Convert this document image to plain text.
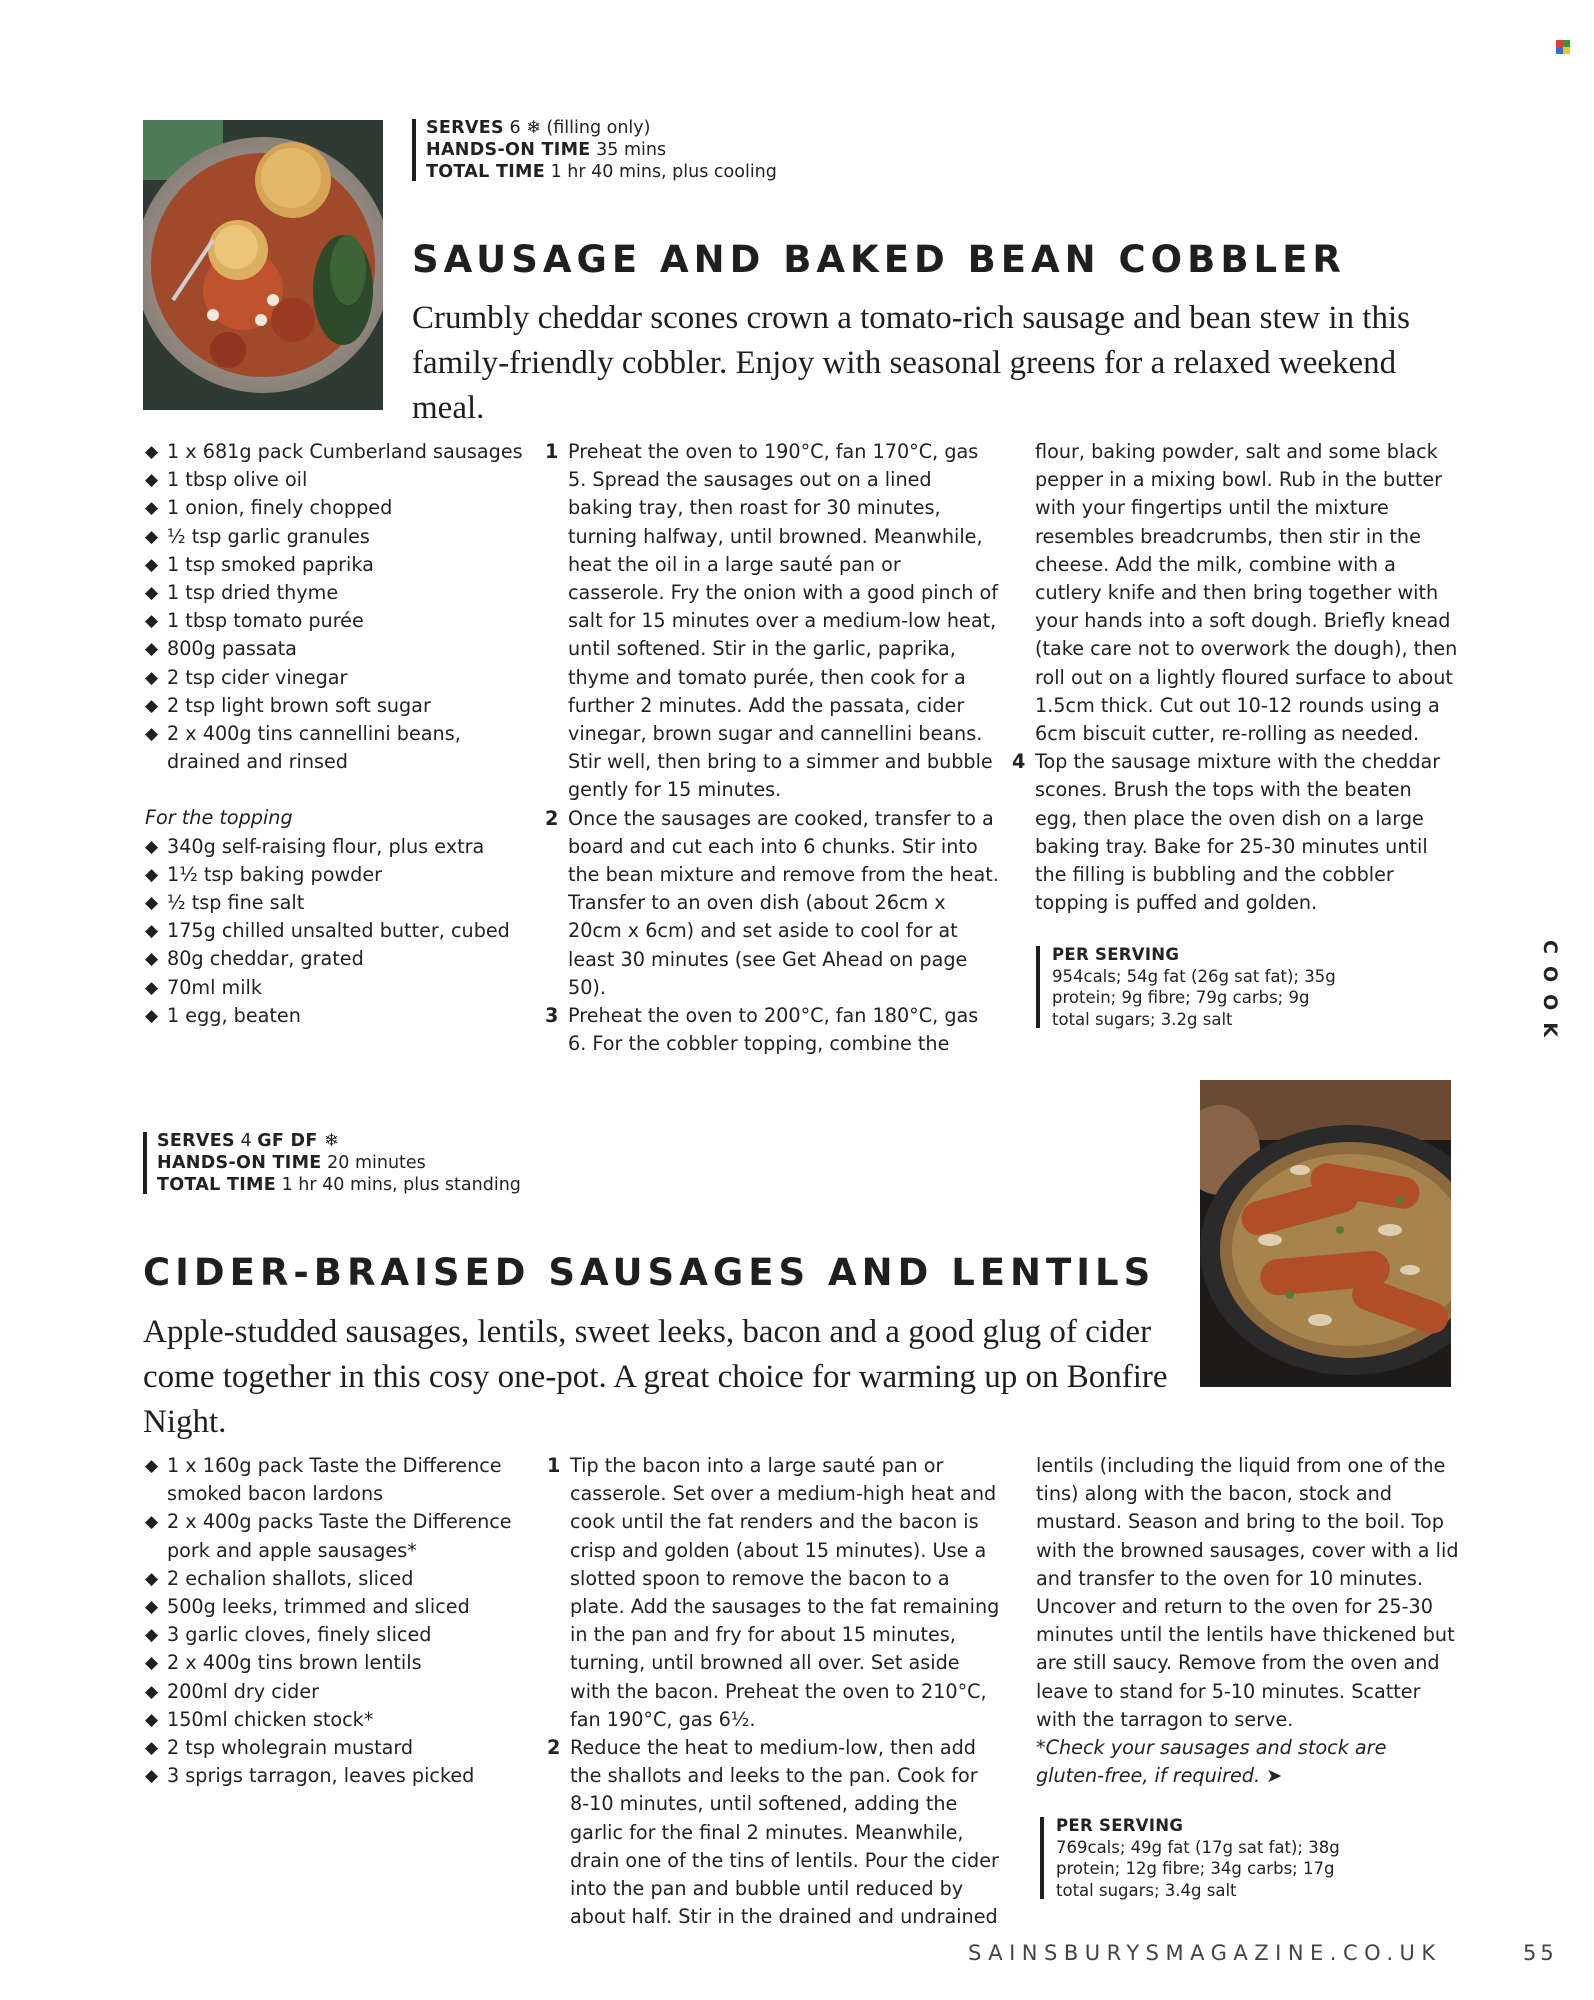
SERVES 6 ❄ (filling only)
HANDS-ON TIME 35 mins
TOTAL TIME 1 hr 40 mins, plus cooling
SAUSAGE AND BAKED BEAN COBBLER
Crumbly cheddar scones crown a tomato-rich sausage and bean stew in this family-friendly cobbler. Enjoy with seasonal greens for a relaxed weekend meal.
◆ 1 x 681g pack Cumberland sausages
◆ 1 tbsp olive oil
◆ 1 onion, finely chopped
◆ ½ tsp garlic granules
◆ 1 tsp smoked paprika
◆ 1 tsp dried thyme
◆ 1 tbsp tomato purée
◆ 800g passata
◆ 2 tsp cider vinegar
◆ 2 tsp light brown soft sugar
◆ 2 x 400g tins cannellini beans, drained and rinsed
For the topping
◆ 340g self-raising flour, plus extra
◆ 1½ tsp baking powder
◆ ½ tsp fine salt
◆ 175g chilled unsalted butter, cubed
◆ 80g cheddar, grated
◆ 70ml milk
◆ 1 egg, beaten
1 Preheat the oven to 190°C, fan 170°C, gas 5. Spread the sausages out on a lined baking tray, then roast for 30 minutes, turning halfway, until browned. Meanwhile, heat the oil in a large sauté pan or casserole. Fry the onion with a good pinch of salt for 15 minutes over a medium-low heat, until softened. Stir in the garlic, paprika, thyme and tomato purée, then cook for a further 2 minutes. Add the passata, cider vinegar, brown sugar and cannellini beans. Stir well, then bring to a simmer and bubble gently for 15 minutes.
2 Once the sausages are cooked, transfer to a board and cut each into 6 chunks. Stir into the bean mixture and remove from the heat. Transfer to an oven dish (about 26cm x 20cm x 6cm) and set aside to cool for at least 30 minutes (see Get Ahead on page 50).
3 Preheat the oven to 200°C, fan 180°C, gas 6. For the cobbler topping, combine the
flour, baking powder, salt and some black pepper in a mixing bowl. Rub in the butter with your fingertips until the mixture resembles breadcrumbs, then stir in the cheese. Add the milk, combine with a cutlery knife and then bring together with your hands into a soft dough. Briefly knead (take care not to overwork the dough), then roll out on a lightly floured surface to about 1.5cm thick. Cut out 10-12 rounds using a 6cm biscuit cutter, re-rolling as needed.
4 Top the sausage mixture with the cheddar scones. Brush the tops with the beaten egg, then place the oven dish on a large baking tray. Bake for 25-30 minutes until the filling is bubbling and the cobbler topping is puffed and golden.
PER SERVING
954cals; 54g fat (26g sat fat); 35g protein; 9g fibre; 79g carbs; 9g total sugars; 3.2g salt	COOK
SERVES 4 GF DF ❄
HANDS-ON TIME 20 minutes
TOTAL TIME 1 hr 40 mins, plus standing
CIDER-BRAISED SAUSAGES AND LENTILS
Apple-studded sausages, lentils, sweet leeks, bacon and a good glug of cider come together in this cosy one-pot. A great choice for warming up on Bonfire Night.
◆ 1 x 160g pack Taste the Difference smoked bacon lardons
◆ 2 x 400g packs Taste the Difference pork and apple sausages*
◆ 2 echalion shallots, sliced
◆ 500g leeks, trimmed and sliced
◆ 3 garlic cloves, finely sliced
◆ 2 x 400g tins brown lentils
◆ 200ml dry cider
◆ 150ml chicken stock*
◆ 2 tsp wholegrain mustard
◆ 3 sprigs tarragon, leaves picked
1 Tip the bacon into a large sauté pan or casserole. Set over a medium-high heat and cook until the fat renders and the bacon is crisp and golden (about 15 minutes). Use a slotted spoon to remove the bacon to a plate. Add the sausages to the fat remaining in the pan and fry for about 15 minutes, turning, until browned all over. Set aside with the bacon. Preheat the oven to 210°C, fan 190°C, gas 6½.
2 Reduce the heat to medium-low, then add the shallots and leeks to the pan. Cook for 8-10 minutes, until softened, adding the garlic for the final 2 minutes. Meanwhile, drain one of the tins of lentils. Pour the cider into the pan and bubble until reduced by about half. Stir in the drained and undrained
lentils (including the liquid from one of the tins) along with the bacon, stock and mustard. Season and bring to the boil. Top with the browned sausages, cover with a lid and transfer to the oven for 10 minutes. Uncover and return to the oven for 25-30 minutes until the lentils have thickened but are still saucy. Remove from the oven and leave to stand for 5-10 minutes. Scatter with the tarragon to serve.
*Check your sausages and stock are gluten-free, if required. ➤
PER SERVING
769cals; 49g fat (17g sat fat); 38g protein; 12g fibre; 34g carbs; 17g total sugars; 3.4g salt
SAINSBURYSMAGAZINE.CO.UK	55
